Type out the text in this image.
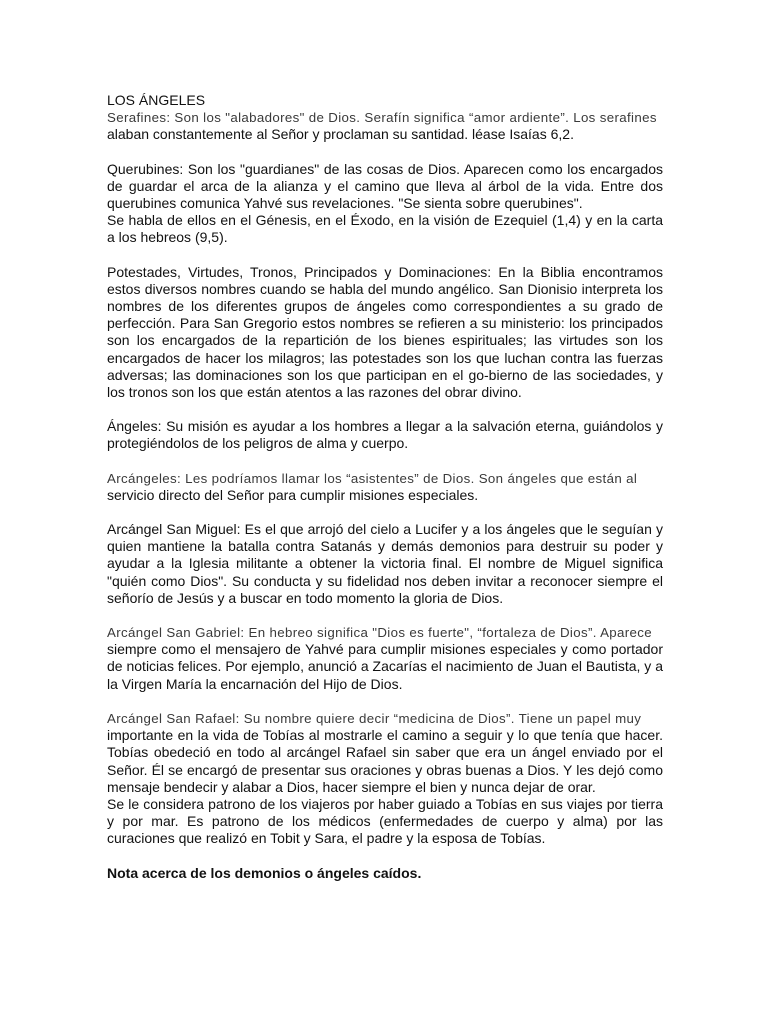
LOS ÁNGELES

Serafines: Son los "alabadores" de Dios. Serafín significa “amor ardiente”. Los serafines
alaban constantemente al Señor y proclaman su santidad. léase Isaías 6,2.

Querubines: Son los "guardianes" de las cosas de Dios. Aparecen como los encargados de guardar el arca de la alianza y el camino que lleva al árbol de la vida. Entre dos querubines comunica Yahvé sus revelaciones. "Se sienta sobre querubines".

Se habla de ellos en el Génesis, en el Éxodo, en la visión de Ezequiel (1,4) y en la carta a los hebreos (9,5).

Potestades, Virtudes, Tronos, Principados y Dominaciones: En la Biblia encontramos estos diversos nombres cuando se habla del mundo angélico. San Dionisio interpreta los nombres de los diferentes grupos de ángeles como correspondientes a su grado de perfección. Para San Gregorio estos nombres se refieren a su ministerio: los principados son los encargados de la repartición de los bienes espirituales; las virtudes son los encargados de hacer los milagros; las potestades son los que luchan contra las fuerzas adversas; las dominaciones son los que participan en el go-bierno de las sociedades, y los tronos son los que están atentos a las razones del obrar divino.

Ángeles: Su misión es ayudar a los hombres a llegar a la salvación eterna, guiándolos y protegiéndolos de los peligros de alma y cuerpo.

Arcángeles: Les podríamos llamar los “asistentes” de Dios. Son ángeles que están al
servicio directo del Señor para cumplir misiones especiales.

Arcángel San Miguel: Es el que arrojó del cielo a Lucifer y a los ángeles que le seguían y quien mantiene la batalla contra Satanás y demás demonios para destruir su poder y ayudar a la Iglesia militante a obtener la victoria final. El nombre de Miguel significa "quién como Dios". Su conducta y su fidelidad nos deben invitar a reconocer siempre el señorío de Jesús y a buscar en todo momento la gloria de Dios.

Arcángel San Gabriel: En hebreo significa "Dios es fuerte", “fortaleza de Dios”. Aparece
siempre como el mensajero de Yahvé para cumplir misiones especiales y como portador de noticias felices. Por ejemplo, anunció a Zacarías el nacimiento de Juan el Bautista, y a la Virgen María la encarnación del Hijo de Dios.

Arcángel San Rafael: Su nombre quiere decir “medicina de Dios”. Tiene un papel muy
importante en la vida de Tobías al mostrarle el camino a seguir y lo que tenía que hacer. Tobías obedeció en todo al arcángel Rafael sin saber que era un ángel enviado por el Señor. Él se encargó de presentar sus oraciones y obras buenas a Dios. Y les dejó como mensaje bendecir y alabar a Dios, hacer siempre el bien y nunca dejar de orar.

Se le considera patrono de los viajeros por haber guiado a Tobías en sus viajes por tierra y por mar. Es patrono de los médicos (enfermedades de cuerpo y alma) por las curaciones que realizó en Tobit y Sara, el padre y la esposa de Tobías.

Nota acerca de los demonios o ángeles caídos.
